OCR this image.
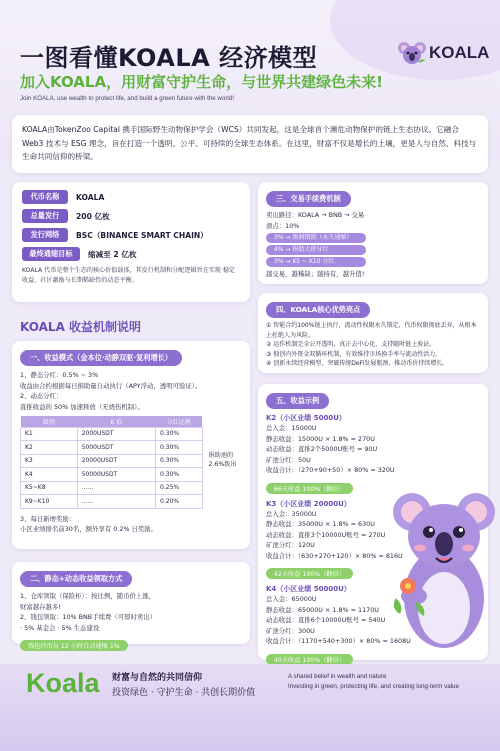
一图看懂KOALA 经济模型	KOALA
加入KOALA，用财富守护生命，与世界共建绿色未来!
Join KOALA, use wealth to protect life, and build a green future with the world!

KOALA由TokenZoo Capital 携手国际野生动物保护学会（WCS）共同发起，这是全球首个濒危动物保护的链上生态协议。它融合 Web3 技术与 ESG 理念，旨在打造一个透明、公平、可持续的全球生态体系。在这里，财富不仅是增长的土壤，更是人与自然、科技与生命共同信仰的桥梁。

代币名称	KOALA
总量发行	200 亿枚
发行网络	BSC（BINANCE SMART CHAIN）
最终通缩目标	缩减至 2 亿枚

KOALA 代币是整个生态的核心价值载体，其发行机制和分配逻辑旨在实现 稳定收益、社区激励与长期稀缺性的动态平衡。

KOALA 收益机制说明
一、收益模式（金本位·动静双驱·复利增长）
1、静态分红：0.5% ~ 3%
收益由合约根据每日捐助量自动执行（APY浮动，透明可验证）。
2、动态分红：
直推收益的 50% 加速释放（无烧伤机制）。
级别	K 值	分红比例
K1	2000USDT	0.30%
K2	5000USDT	0.30%
K3	20000USDT	0.30%
K4	50000USDT	0.30%
K5~K8	……	0.25%
K9~K10	……	0.20%
捐助池的 2.6%拨出
3、每日新增奖励：
小区业绩排名前30名，额外享有 0.2% 日奖励。
二、静态+动态收益领取方式
1、仓库领取（保险柜）：按比例，随币价上涨，
财富越存越多!
2、钱包领取：10% BNB手续费（可即时卖出）
· 5% 基金会 · 5% 生态建设
钱包持币每 12 小时自动通缩 1%
三、交易手续费机制
卖出路径：KOALA → BNB → 交易
滑点：10%
3% → 黑洞销毁（永久通缩）
4% → 捐助大使分红
3% → K5 ~ K10 分红
越交易，越稀缺；越持有，越升值!
四、KOALA核心优势亮点
① 智能合约100%链上执行，流动性权限永久锁定，代币权限彻底丢弃，从根本上杜绝人为风险。
② 运作机制完全公开透明，真正去中心化，支持随时链上验证。
③ 独创内外资金双循环机制，有效维持市场换手率与流动性活力。
④ 创新永续经营模型，突破传统DeFi发展瓶颈，推动币价持续增长。
五、收益示例
K2（小区业绩 5000U）
总入金：15000U
静态收益：15000U × 1.8% = 270U
动态收益：直推2个5000U账号 = 90U
矿池分红：50U
收益合计：（270+90+50）× 80% = 320U
66天收益 100%（翻倍）
K3（小区业绩 20000U）
总入金：35000U
静态收益：35000U × 1.8% = 630U
动态收益：直推3个10000U账号 = 270U
矿池分红：120U
收益合计：（630+270+120）× 80% = 816U
42天收益 100%（翻倍）
K4（小区业绩 50000U）
总入金：65000U
静态收益：65000U × 1.8% = 1170U
动态收益：直推6个10000U账号 = 540U
矿池分红：300U
收益合计：（1170+540+300）× 80% = 1608U
40天收益 100%（翻倍）
Koala 财富与自然的共同信仰
投资绿色 · 守护生命 · 共创长期价值
A shared belief in wealth and nature
Investing in green, protecting life, and creating long-term value
